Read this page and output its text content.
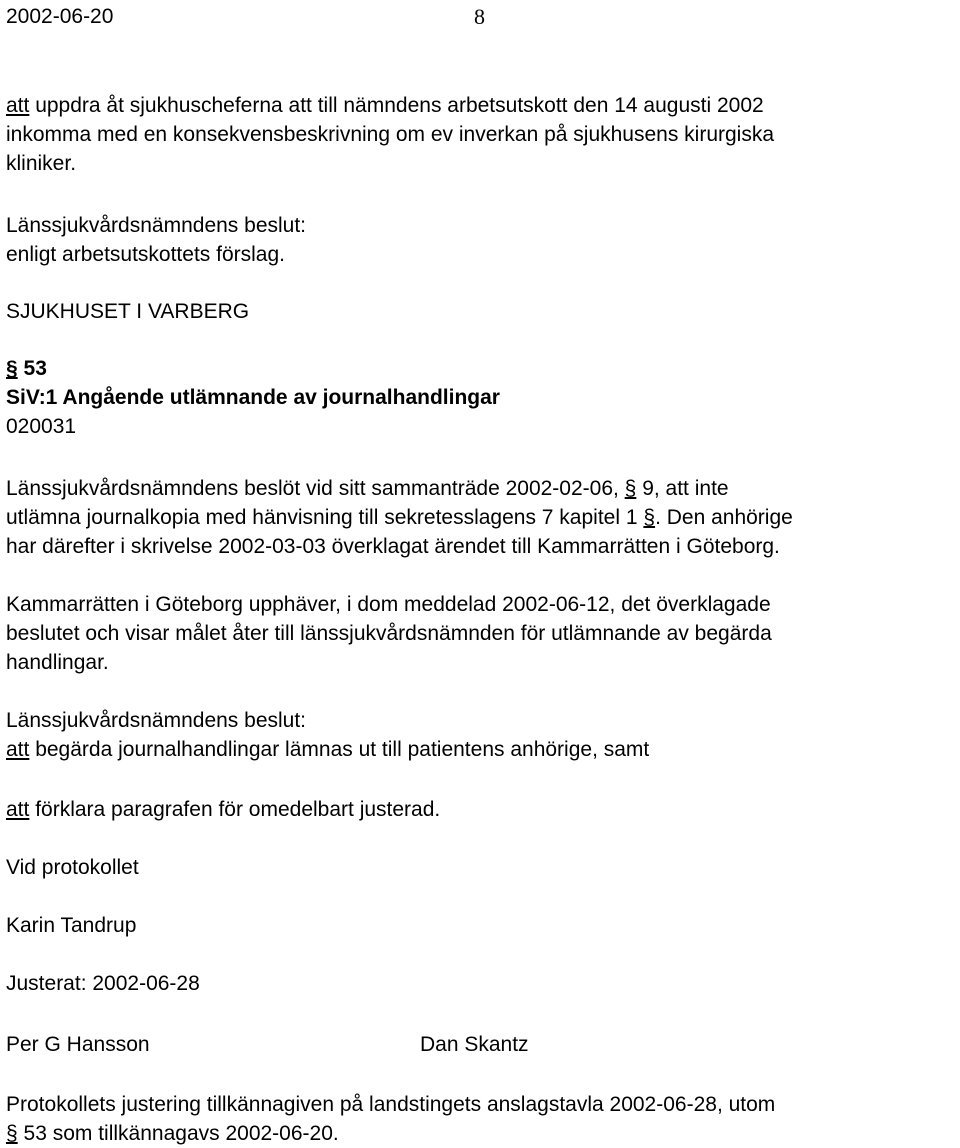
2002-06-20	8
att uppdra åt sjukhuscheferna att till nämndens arbetsutskott den 14 augusti 2002
inkomma med en konsekvensbeskrivning om ev inverkan på sjukhusens kirurgiska
kliniker.
Länssjukvårdsnämndens beslut:
enligt arbetsutskottets förslag.
SJUKHUSET I VARBERG
§ 53
SiV:1 Angående utlämnande av journalhandlingar
020031
Länssjukvårdsnämndens beslöt vid sitt sammanträde 2002-02-06, § 9, att inte
utlämna journalkopia med hänvisning till sekretesslagens 7 kapitel 1 §. Den anhörige
har därefter i skrivelse 2002-03-03 överklagat ärendet till Kammarrätten i Göteborg.
Kammarrätten i Göteborg upphäver, i dom meddelad 2002-06-12, det överklagade
beslutet och visar målet åter till länssjukvårdsnämnden för utlämnande av begärda
handlingar.
Länssjukvårdsnämndens beslut:
att begärda journalhandlingar lämnas ut till patientens anhörige, samt
att förklara paragrafen för omedelbart justerad.
Vid protokollet
Karin Tandrup
Justerat: 2002-06-28
Per G Hansson	Dan Skantz
Protokollets justering tillkännagiven på landstingets anslagstavla 2002-06-28, utom
§ 53 som tillkännagavs 2002-06-20.
